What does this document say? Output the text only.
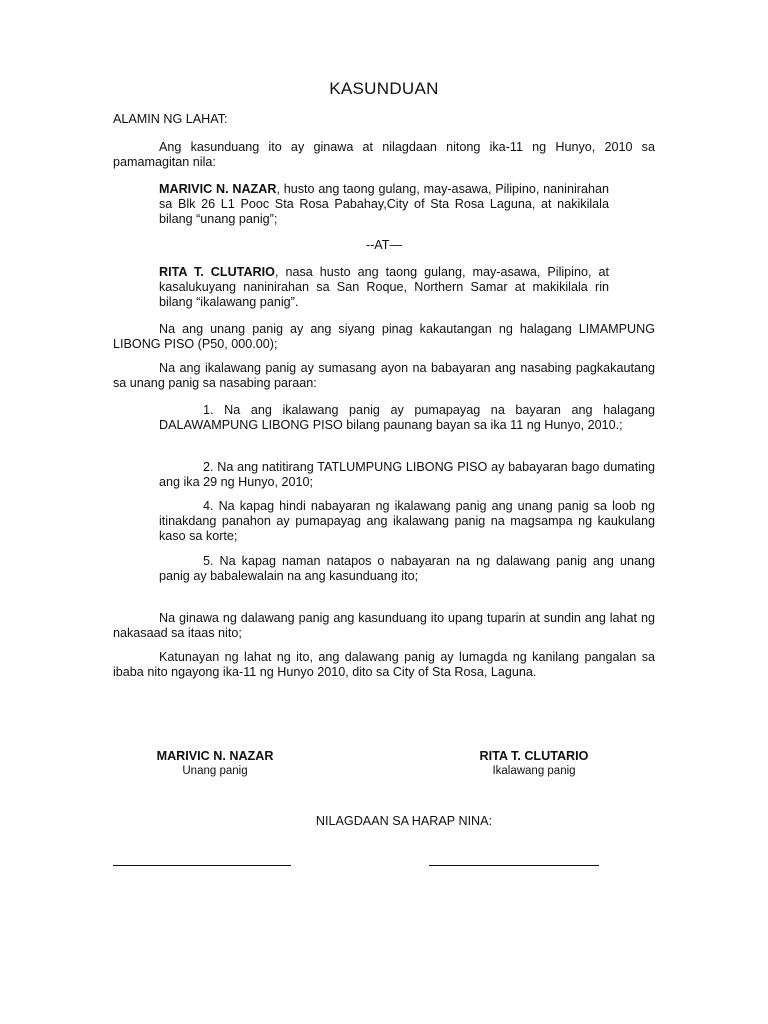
KASUNDUAN

ALAMIN NG LAHAT:

Ang kasunduang ito ay ginawa at nilagdaan nitong ika-11 ng Hunyo, 2010 sa pamamagitan nila:

MARIVIC N. NAZAR, husto ang taong gulang, may-asawa, Pilipino, naninirahan sa Blk 26 L1 Pooc Sta Rosa Pabahay,City of Sta Rosa Laguna, at nakikilala bilang “unang panig”;

--AT—

RITA T. CLUTARIO, nasa husto ang taong gulang, may-asawa, Pilipino, at kasalukuyang naninirahan sa San Roque, Northern Samar at makikilala rin bilang “ikalawang panig”.

Na ang unang panig ay ang siyang pinag kakautangan ng halagang LIMAMPUNG LIBONG PISO (P50, 000.00);

Na ang ikalawang panig ay sumasang ayon na babayaran ang nasabing pagkakautang sa unang panig sa nasabing paraan:

1. Na ang ikalawang panig ay pumapayag na bayaran ang halagang DALAWAMPUNG LIBONG PISO bilang paunang bayan sa ika 11 ng Hunyo, 2010.;

2. Na ang natitirang TATLUMPUNG LIBONG PISO ay babayaran bago dumating ang ika 29 ng Hunyo, 2010;

4. Na kapag hindi nabayaran ng ikalawang panig ang unang panig sa loob ng itinakdang panahon ay pumapayag ang ikalawang panig na magsampa ng kaukulang kaso sa korte;

5. Na kapag naman natapos o nabayaran na ng dalawang panig ang unang panig ay babalewalain na ang kasunduang ito;

Na ginawa ng dalawang panig ang kasunduang ito upang tuparin at sundin ang lahat ng nakasaad sa itaas nito;

Katunayan ng lahat ng ito, ang dalawang panig ay lumagda ng kanilang pangalan sa ibaba nito ngayong ika-11 ng Hunyo 2010, dito sa City of Sta Rosa, Laguna.

MARIVIC N. NAZAR
Unang panig
RITA T. CLUTARIO
Ikalawang panig

NILAGDAAN SA HARAP NINA:
